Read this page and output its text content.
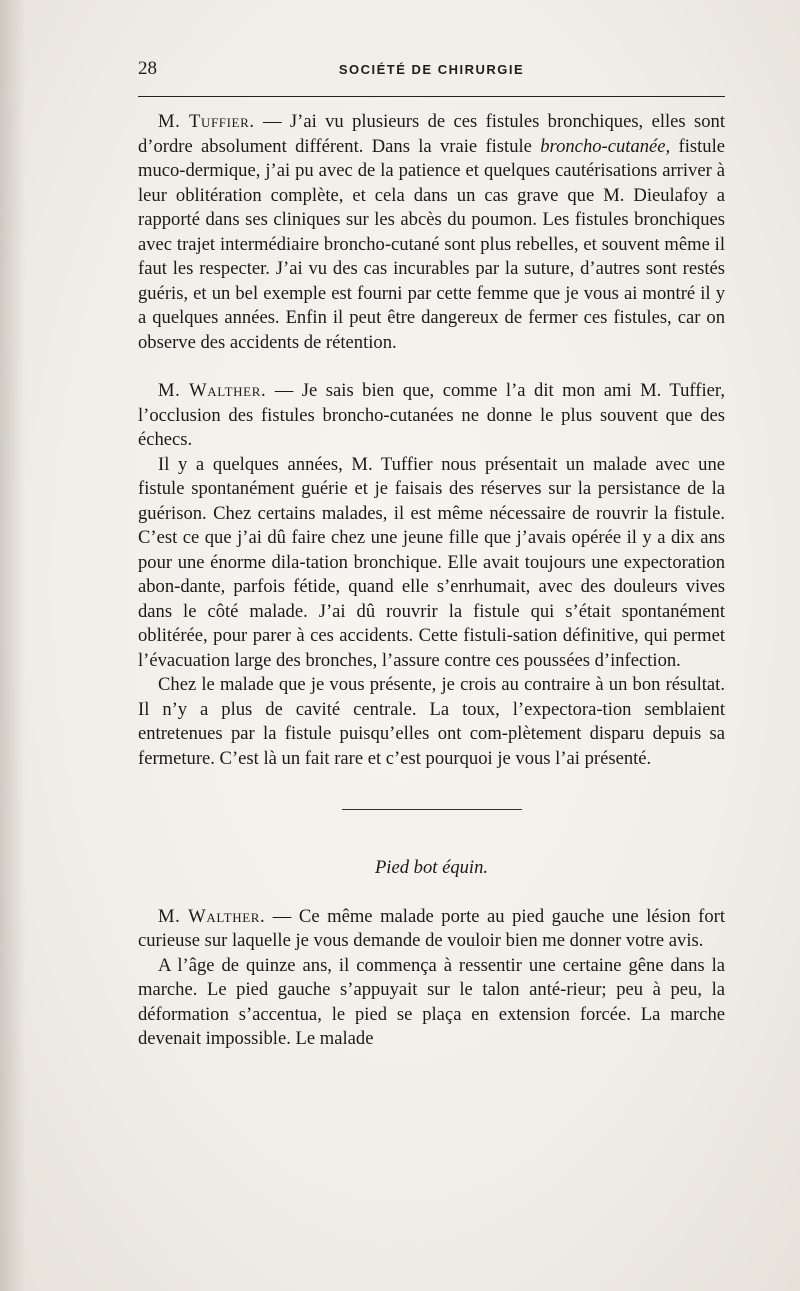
28	SOCIÉTÉ DE CHIRURGIE

M. Tuffier. — J’ai vu plusieurs de ces fistules bronchiques, elles sont d’ordre absolument différent. Dans la vraie fistule broncho-cutanée, fistule muco-dermique, j’ai pu avec de la patience et quelques cautérisations arriver à leur oblitération complète, et cela dans un cas grave que M. Dieulafoy a rapporté dans ses cliniques sur les abcès du poumon. Les fistules bronchiques avec trajet intermédiaire broncho-cutané sont plus rebelles, et souvent même il faut les respecter. J’ai vu des cas incurables par la suture, d’autres sont restés guéris, et un bel exemple est fourni par cette femme que je vous ai montré il y a quelques années. Enfin il peut être dangereux de fermer ces fistules, car on observe des accidents de rétention.

M. Walther. — Je sais bien que, comme l’a dit mon ami M. Tuffier, l’occlusion des fistules broncho-cutanées ne donne le plus souvent que des échecs.

Il y a quelques années, M. Tuffier nous présentait un malade avec une fistule spontanément guérie et je faisais des réserves sur la persistance de la guérison. Chez certains malades, il est même nécessaire de rouvrir la fistule. C’est ce que j’ai dû faire chez une jeune fille que j’avais opérée il y a dix ans pour une énorme dila-tation bronchique. Elle avait toujours une expectoration abon-dante, parfois fétide, quand elle s’enrhumait, avec des douleurs vives dans le côté malade. J’ai dû rouvrir la fistule qui s’était spontanément oblitérée, pour parer à ces accidents. Cette fistuli-sation définitive, qui permet l’évacuation large des bronches, l’assure contre ces poussées d’infection.

Chez le malade que je vous présente, je crois au contraire à un bon résultat. Il n’y a plus de cavité centrale. La toux, l’expectora-tion semblaient entretenues par la fistule puisqu’elles ont com-plètement disparu depuis sa fermeture. C’est là un fait rare et c’est pourquoi je vous l’ai présenté.

Pied bot équin.

M. Walther. — Ce même malade porte au pied gauche une lésion fort curieuse sur laquelle je vous demande de vouloir bien me donner votre avis.

A l’âge de quinze ans, il commença à ressentir une certaine gêne dans la marche. Le pied gauche s’appuyait sur le talon anté-rieur; peu à peu, la déformation s’accentua, le pied se plaça en extension forcée. La marche devenait impossible. Le malade
